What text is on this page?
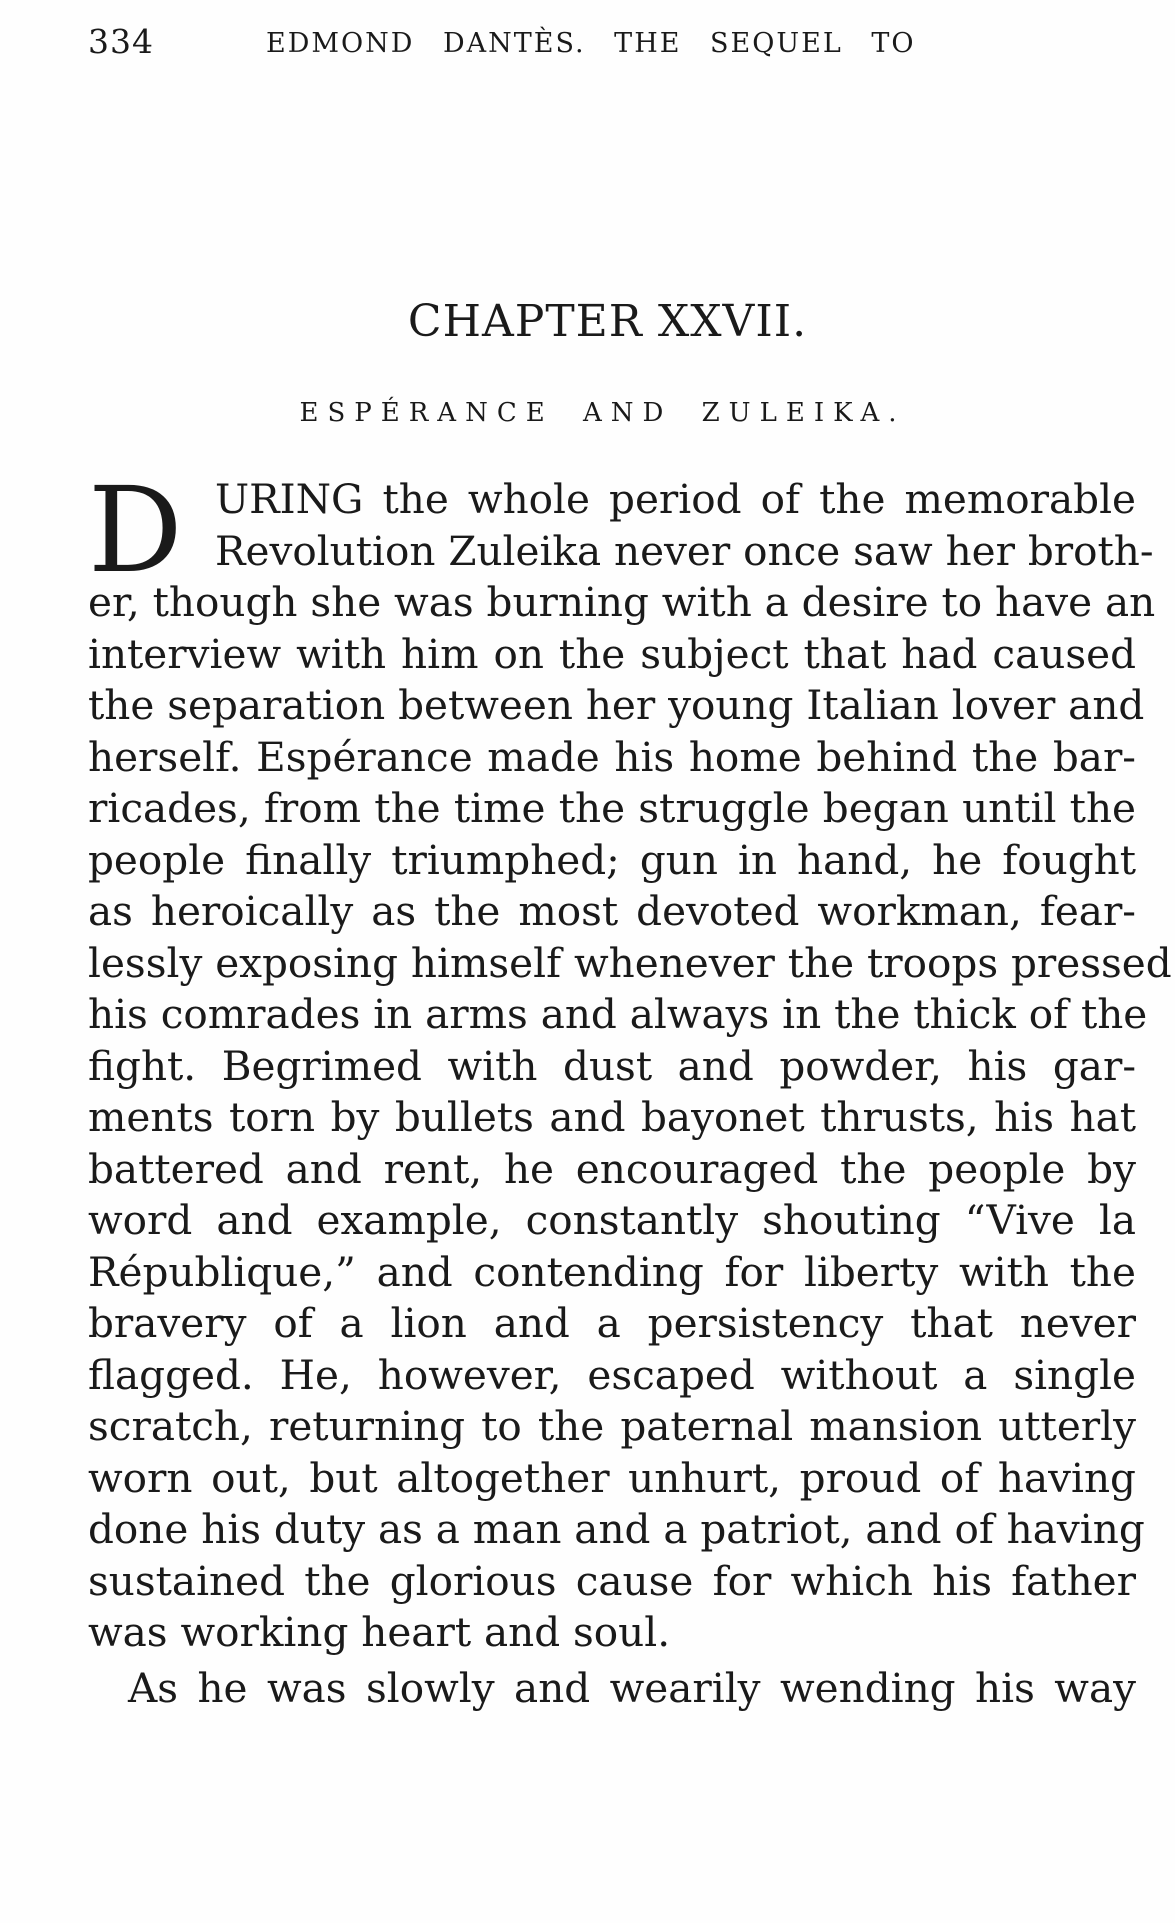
334	EDMOND DANTÈS. THE SEQUEL TO
CHAPTER XXVII.
ESPÉRANCE AND ZULEIKA.
D URING the whole period of the memorable
Revolution Zuleika never once saw her broth-
er, though she was burning with a desire to have an
interview with him on the subject that had caused
the separation between her young Italian lover and
herself. Espérance made his home behind the bar-
ricades, from the time the struggle began until the
people finally triumphed; gun in hand, he fought
as heroically as the most devoted workman, fear-
lessly exposing himself whenever the troops pressed
his comrades in arms and always in the thick of the
fight. Begrimed with dust and powder, his gar-
ments torn by bullets and bayonet thrusts, his hat
battered and rent, he encouraged the people by
word and example, constantly shouting “Vive la
République,” and contending for liberty with the
bravery of a lion and a persistency that never
flagged. He, however, escaped without a single
scratch, returning to the paternal mansion utterly
worn out, but altogether unhurt, proud of having
done his duty as a man and a patriot, and of having
sustained the glorious cause for which his father
was working heart and soul.
As he was slowly and wearily wending his way
